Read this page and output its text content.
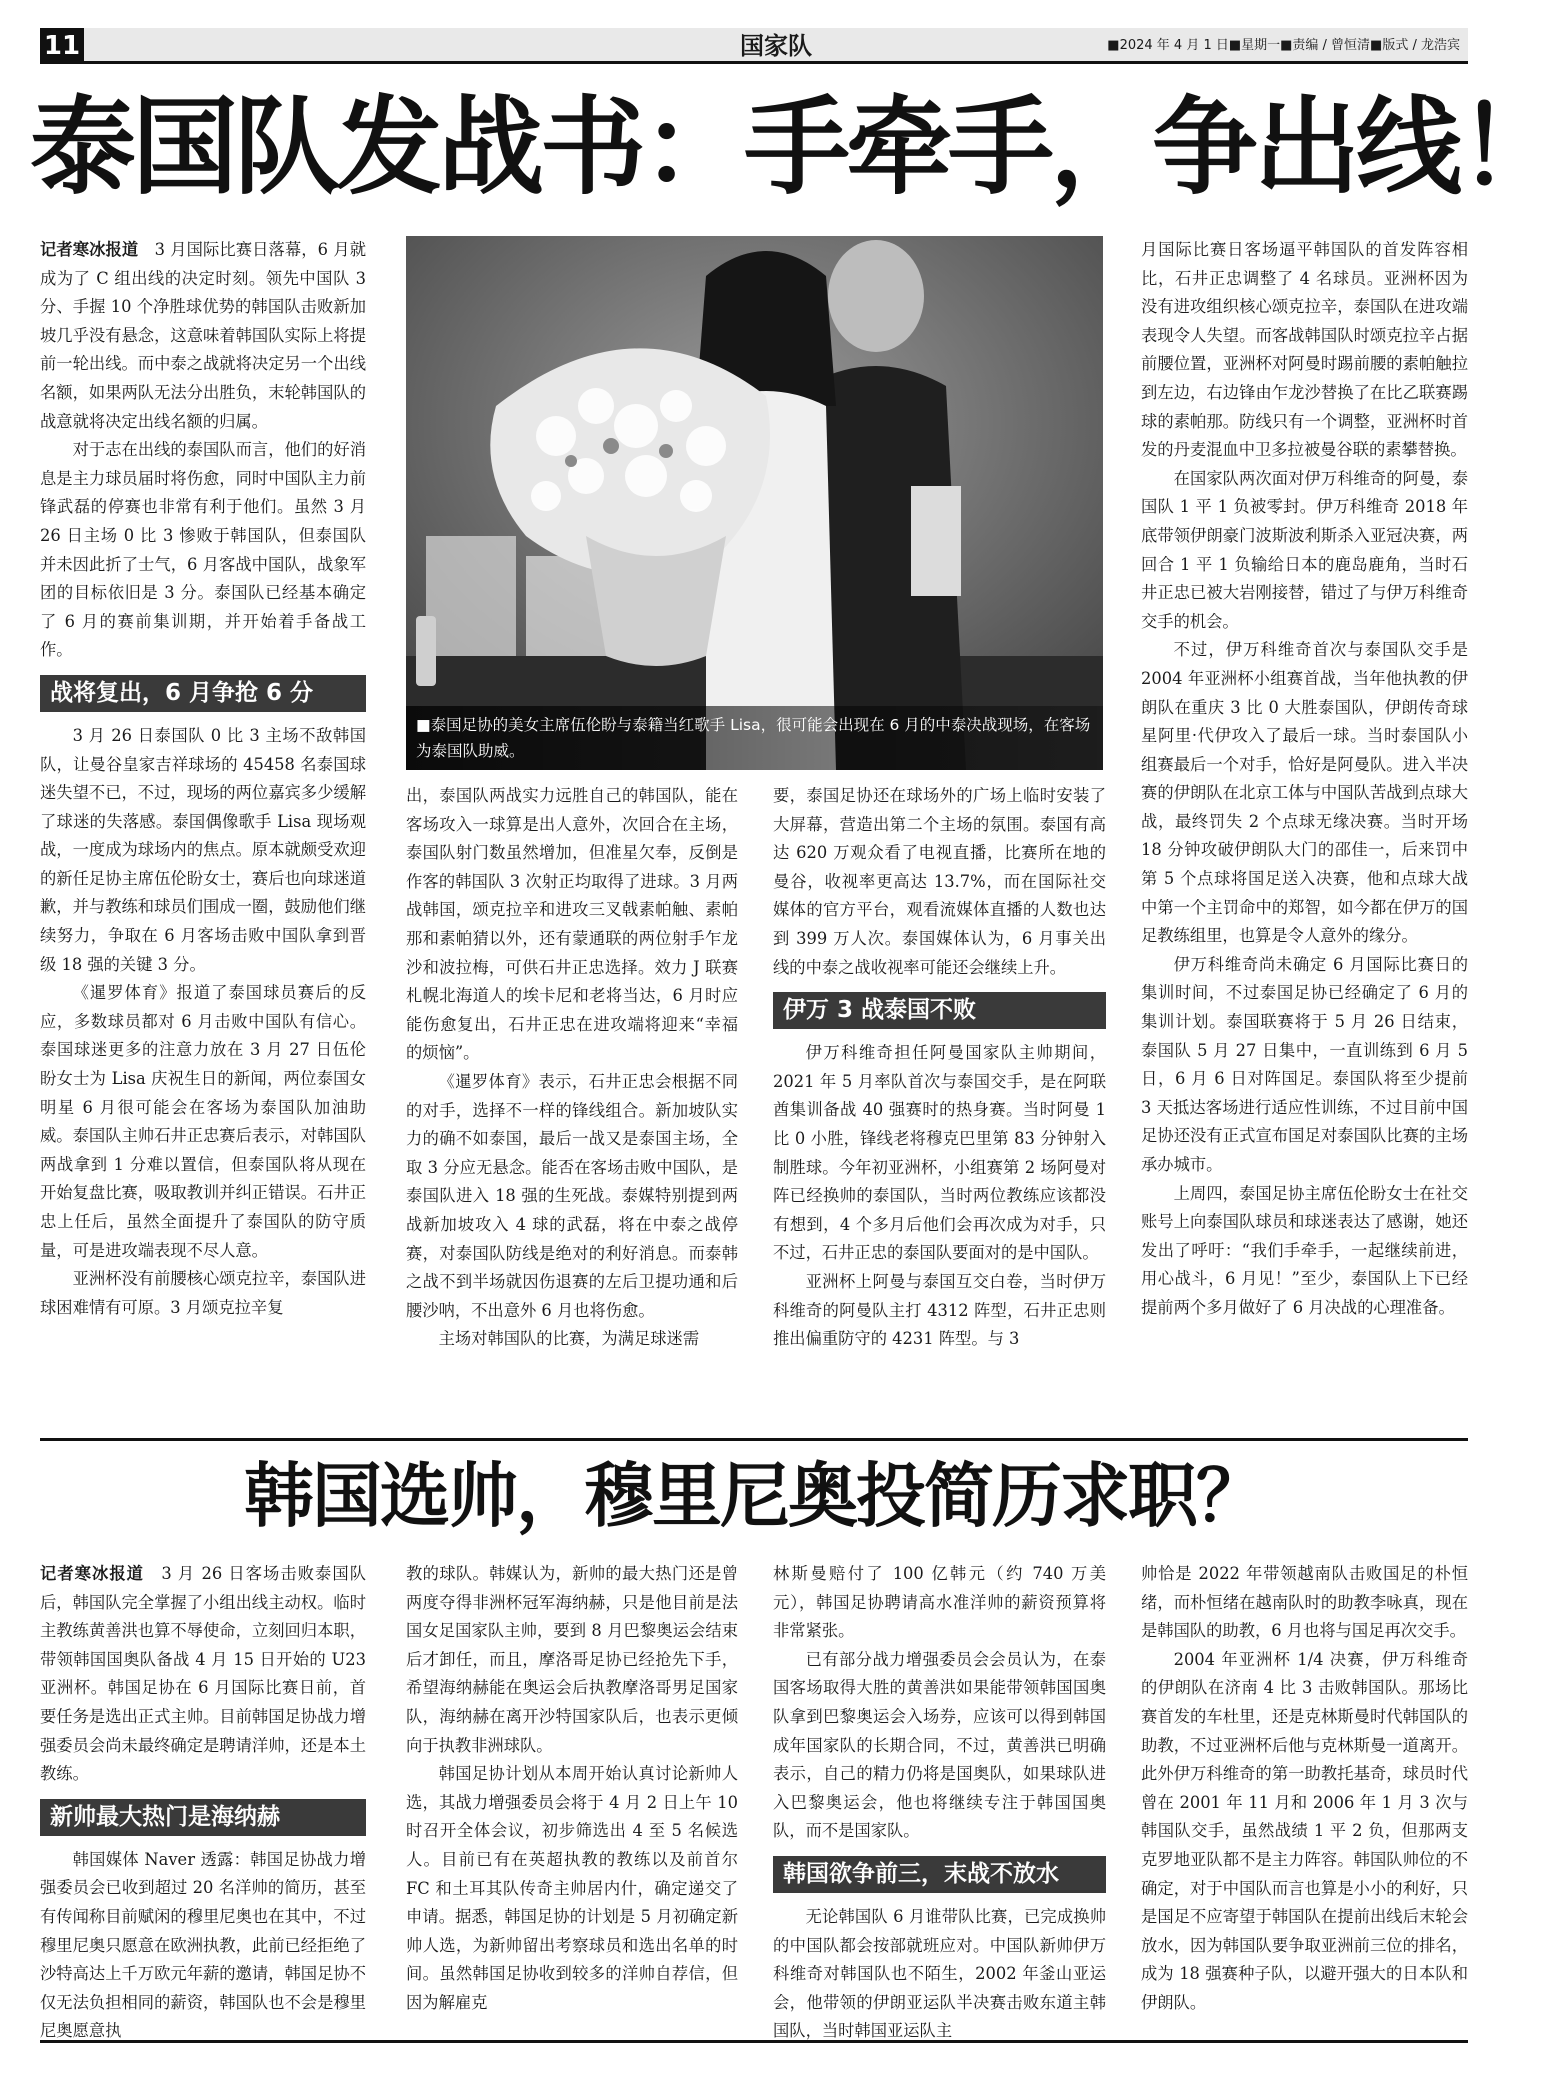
11	国家队	■2024 年 4 月 1 日■星期一■责编 / 曾恒清■版式 / 龙浩宾
泰国队发战书：手牵手，争出线！

记者寒冰报道　 3 月国际比赛日落幕，6 月就成为了 C 组出线的决定时刻。领先中国队 3 分、手握 10 个净胜球优势的韩国队击败新加坡几乎没有悬念，这意味着韩国队实际上将提前一轮出线。而中泰之战就将决定另一个出线名额，如果两队无法分出胜负，末轮韩国队的战意就将决定出线名额的归属。

对于志在出线的泰国队而言，他们的好消息是主力球员届时将伤愈，同时中国队主力前锋武磊的停赛也非常有利于他们。虽然 3 月 26 日主场 0 比 3 惨败于韩国队，但泰国队并未因此折了士气，6 月客战中国队，战象军团的目标依旧是 3 分。泰国队已经基本确定了 6 月的赛前集训期，并开始着手备战工作。

战将复出，6 月争抢 6 分

3 月 26 日泰国队 0 比 3 主场不敌韩国队，让曼谷皇家吉祥球场的 45458 名泰国球迷失望不已，不过，现场的两位嘉宾多少缓解了球迷的失落感。泰国偶像歌手 Lisa 现场观战，一度成为球场内的焦点。原本就颇受欢迎的新任足协主席伍伦盼女士，赛后也向球迷道歉，并与教练和球员们围成一圈，鼓励他们继续努力，争取在 6 月客场击败中国队拿到晋级 18 强的关键 3 分。

《暹罗体育》报道了泰国球员赛后的反应，多数球员都对 6 月击败中国队有信心。泰国球迷更多的注意力放在 3 月 27 日伍伦盼女士为 Lisa 庆祝生日的新闻，两位泰国女明星 6 月很可能会在客场为泰国队加油助威。泰国队主帅石井正忠赛后表示，对韩国队两战拿到 1 分难以置信，但泰国队将从现在开始复盘比赛，吸取教训并纠正错误。石井正忠上任后，虽然全面提升了泰国队的防守质量，可是进攻端表现不尽人意。

亚洲杯没有前腰核心颂克拉辛，泰国队进球困难情有可原。3 月颂克拉辛复

■泰国足协的美女主席伍伦盼与泰籍当红歌手 Lisa，很可能会出现在 6 月的中泰决战现场，在客场为泰国队助威。

出，泰国队两战实力远胜自己的韩国队，能在客场攻入一球算是出人意外，次回合在主场，泰国队射门数虽然增加，但准星欠奉，反倒是作客的韩国队 3 次射正均取得了进球。3 月两战韩国，颂克拉辛和进攻三叉戟素帕触、素帕那和素帕猜以外，还有蒙通联的两位射手乍龙沙和波拉梅，可供石井正忠选择。效力 J 联赛札幌北海道人的埃卡尼和老将当达，6 月时应能伤愈复出，石井正忠在进攻端将迎来“幸福的烦恼”。

《暹罗体育》表示，石井正忠会根据不同的对手，选择不一样的锋线组合。新加坡队实力的确不如泰国，最后一战又是泰国主场，全取 3 分应无悬念。能否在客场击败中国队，是泰国队进入 18 强的生死战。泰媒特别提到两战新加坡攻入 4 球的武磊，将在中泰之战停赛，对泰国队防线是绝对的利好消息。而泰韩之战不到半场就因伤退赛的左后卫提功通和后腰沙呐，不出意外 6 月也将伤愈。

主场对韩国队的比赛，为满足球迷需

要，泰国足协还在球场外的广场上临时安装了大屏幕，营造出第二个主场的氛围。泰国有高达 620 万观众看了电视直播，比赛所在地的曼谷，收视率更高达 13.7%，而在国际社交媒体的官方平台，观看流媒体直播的人数也达到 399 万人次。泰国媒体认为，6 月事关出线的中泰之战收视率可能还会继续上升。

伊万 3 战泰国不败

伊万科维奇担任阿曼国家队主帅期间，2021 年 5 月率队首次与泰国交手，是在阿联酋集训备战 40 强赛时的热身赛。当时阿曼 1 比 0 小胜，锋线老将穆克巴里第 83 分钟射入制胜球。今年初亚洲杯，小组赛第 2 场阿曼对阵已经换帅的泰国队，当时两位教练应该都没有想到，4 个多月后他们会再次成为对手，只不过，石井正忠的泰国队要面对的是中国队。

亚洲杯上阿曼与泰国互交白卷，当时伊万科维奇的阿曼队主打 4312 阵型，石井正忠则推出偏重防守的 4231 阵型。与 3

月国际比赛日客场逼平韩国队的首发阵容相比，石井正忠调整了 4 名球员。亚洲杯因为没有进攻组织核心颂克拉辛，泰国队在进攻端表现令人失望。而客战韩国队时颂克拉辛占据前腰位置，亚洲杯对阿曼时踢前腰的素帕触拉到左边，右边锋由乍龙沙替换了在比乙联赛踢球的素帕那。防线只有一个调整，亚洲杯时首发的丹麦混血中卫多拉被曼谷联的素攀替换。

在国家队两次面对伊万科维奇的阿曼，泰国队 1 平 1 负被零封。伊万科维奇 2018 年底带领伊朗豪门波斯波利斯杀入亚冠决赛，两回合 1 平 1 负输给日本的鹿岛鹿角，当时石井正忠已被大岩刚接替，错过了与伊万科维奇交手的机会。

不过，伊万科维奇首次与泰国队交手是 2004 年亚洲杯小组赛首战，当年他执教的伊朗队在重庆 3 比 0 大胜泰国队，伊朗传奇球星阿里·代伊攻入了最后一球。当时泰国队小组赛最后一个对手，恰好是阿曼队。进入半决赛的伊朗队在北京工体与中国队苦战到点球大战，最终罚失 2 个点球无缘决赛。当时开场 18 分钟攻破伊朗队大门的邵佳一，后来罚中第 5 个点球将国足送入决赛，他和点球大战中第一个主罚命中的郑智，如今都在伊万的国足教练组里，也算是令人意外的缘分。

伊万科维奇尚未确定 6 月国际比赛日的集训时间，不过泰国足协已经确定了 6 月的集训计划。泰国联赛将于 5 月 26 日结束，泰国队 5 月 27 日集中，一直训练到 6 月 5 日，6 月 6 日对阵国足。泰国队将至少提前 3 天抵达客场进行适应性训练，不过目前中国足协还没有正式宣布国足对泰国队比赛的主场承办城市。

上周四，泰国足协主席伍伦盼女士在社交账号上向泰国队球员和球迷表达了感谢，她还发出了呼吁：“我们手牵手，一起继续前进，用心战斗，6 月见！”至少，泰国队上下已经提前两个多月做好了 6 月决战的心理准备。

韩国选帅，穆里尼奥投简历求职？

记者寒冰报道　 3 月 26 日客场击败泰国队后，韩国队完全掌握了小组出线主动权。临时主教练黄善洪也算不辱使命，立刻回归本职，带领韩国国奥队备战 4 月 15 日开始的 U23 亚洲杯。韩国足协在 6 月国际比赛日前，首要任务是选出正式主帅。目前韩国足协战力增强委员会尚未最终确定是聘请洋帅，还是本土教练。

新帅最大热门是海纳赫

韩国媒体 Naver 透露：韩国足协战力增强委员会已收到超过 20 名洋帅的简历，甚至有传闻称目前赋闲的穆里尼奥也在其中，不过穆里尼奥只愿意在欧洲执教，此前已经拒绝了沙特高达上千万欧元年薪的邀请，韩国足协不仅无法负担相同的薪资，韩国队也不会是穆里尼奥愿意执

教的球队。韩媒认为，新帅的最大热门还是曾两度夺得非洲杯冠军海纳赫，只是他目前是法国女足国家队主帅，要到 8 月巴黎奥运会结束后才卸任，而且，摩洛哥足协已经抢先下手，希望海纳赫能在奥运会后执教摩洛哥男足国家队，海纳赫在离开沙特国家队后，也表示更倾向于执教非洲球队。

韩国足协计划从本周开始认真讨论新帅人选，其战力增强委员会将于 4 月 2 日上午 10 时召开全体会议，初步筛选出 4 至 5 名候选人。目前已有在英超执教的教练以及前首尔 FC 和土耳其队传奇主帅居内什，确定递交了申请。据悉，韩国足协的计划是 5 月初确定新帅人选，为新帅留出考察球员和选出名单的时间。虽然韩国足协收到较多的洋帅自荐信，但因为解雇克

林斯曼赔付了 100 亿韩元（约 740 万美元），韩国足协聘请高水准洋帅的薪资预算将非常紧张。

已有部分战力增强委员会会员认为，在泰国客场取得大胜的黄善洪如果能带领韩国国奥队拿到巴黎奥运会入场券，应该可以得到韩国成年国家队的长期合同，不过，黄善洪已明确表示，自己的精力仍将是国奥队，如果球队进入巴黎奥运会，他也将继续专注于韩国国奥队，而不是国家队。

韩国欲争前三，末战不放水

无论韩国队 6 月谁带队比赛，已完成换帅的中国队都会按部就班应对。中国队新帅伊万科维奇对韩国队也不陌生，2002 年釜山亚运会，他带领的伊朗亚运队半决赛击败东道主韩国队，当时韩国亚运队主

帅恰是 2022 年带领越南队击败国足的朴恒绪，而朴恒绪在越南队时的助教李咏真，现在是韩国队的助教，6 月也将与国足再次交手。

2004 年亚洲杯 1/4 决赛，伊万科维奇的伊朗队在济南 4 比 3 击败韩国队。那场比赛首发的车杜里，还是克林斯曼时代韩国队的助教，不过亚洲杯后他与克林斯曼一道离开。此外伊万科维奇的第一助教托基奇，球员时代曾在 2001 年 11 月和 2006 年 1 月 3 次与韩国队交手，虽然战绩 1 平 2 负，但那两支克罗地亚队都不是主力阵容。韩国队帅位的不确定，对于中国队而言也算是小小的利好，只是国足不应寄望于韩国队在提前出线后末轮会放水，因为韩国队要争取亚洲前三位的排名，成为 18 强赛种子队，以避开强大的日本队和伊朗队。
